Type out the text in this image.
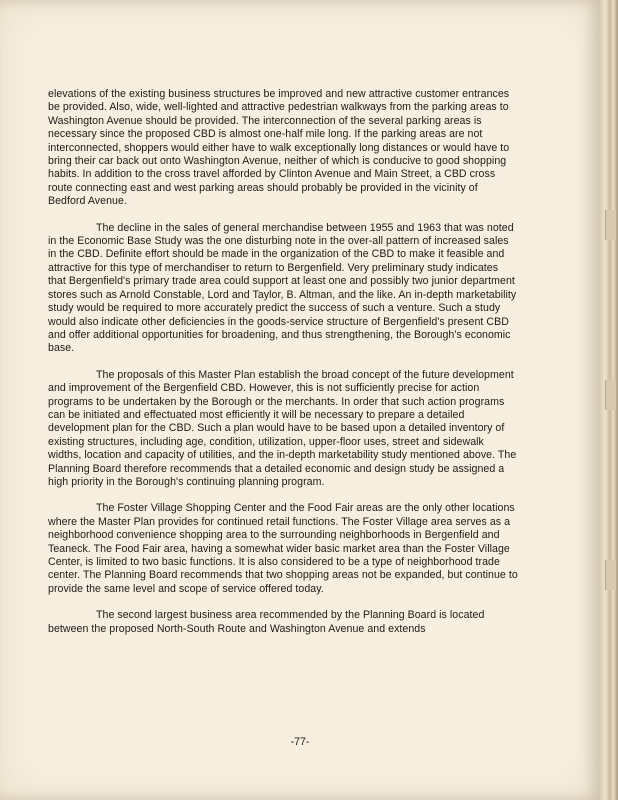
elevations of the existing business structures be improved and new attractive customer entrances be provided. Also, wide, well-lighted and attractive pedestrian walkways from the parking areas to Washington Avenue should be provided. The interconnection of the several parking areas is necessary since the proposed CBD is almost one-half mile long. If the parking areas are not interconnected, shoppers would either have to walk exceptionally long distances or would have to bring their car back out onto Washington Avenue, neither of which is conducive to good shopping habits. In addition to the cross travel afforded by Clinton Avenue and Main Street, a CBD cross route connecting east and west parking areas should probably be provided in the vicinity of Bedford Avenue.

The decline in the sales of general merchandise between 1955 and 1963 that was noted in the Economic Base Study was the one disturbing note in the over-all pattern of increased sales in the CBD. Definite effort should be made in the organization of the CBD to make it feasible and attractive for this type of merchandiser to return to Bergenfield. Very preliminary study indicates that Bergenfield's primary trade area could support at least one and possibly two junior department stores such as Arnold Constable, Lord and Taylor, B. Altman, and the like. An in-depth marketability study would be required to more accurately predict the success of such a venture. Such a study would also indicate other deficiencies in the goods-service structure of Bergenfield's present CBD and offer additional opportunities for broadening, and thus strengthening, the Borough's economic base.

The proposals of this Master Plan establish the broad concept of the future development and improvement of the Bergenfield CBD. However, this is not sufficiently precise for action programs to be undertaken by the Borough or the merchants. In order that such action programs can be initiated and effectuated most efficiently it will be necessary to prepare a detailed development plan for the CBD. Such a plan would have to be based upon a detailed inventory of existing structures, including age, condition, utilization, upper-floor uses, street and sidewalk widths, location and capacity of utilities, and the in-depth marketability study mentioned above. The Planning Board therefore recommends that a detailed economic and design study be assigned a high priority in the Borough's continuing planning program.

The Foster Village Shopping Center and the Food Fair areas are the only other locations where the Master Plan provides for continued retail functions. The Foster Village area serves as a neighborhood convenience shopping area to the surrounding neighborhoods in Bergenfield and Teaneck. The Food Fair area, having a somewhat wider basic market area than the Foster Village Center, is limited to two basic functions. It is also considered to be a type of neighborhood trade center. The Planning Board recommends that two shopping areas not be expanded, but continue to provide the same level and scope of service offered today.

The second largest business area recommended by the Planning Board is located between the proposed North-South Route and Washington Avenue and extends

-77-
